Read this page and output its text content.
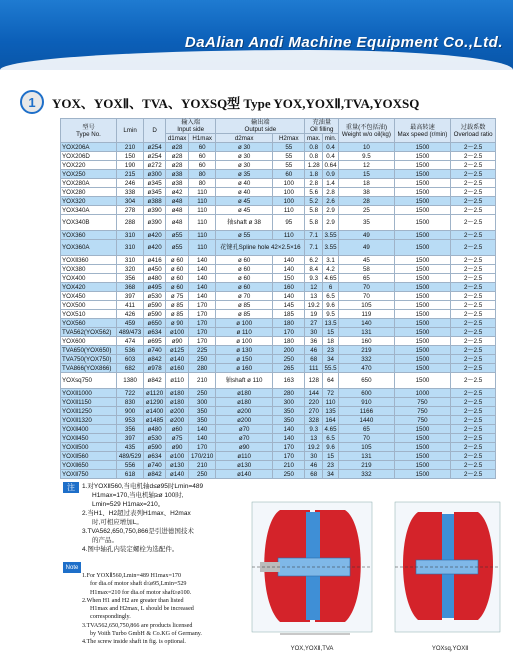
DaAlian Andi Machine Equipment Co.,Ltd.
1	YOX、YOXⅡ、TVA、YOXSQ型 Type YOX,YOXⅡ,TVA,YOXSQ
型号
Type No.	Lmin	D	输入端
Input side		输出端
Output side		充油量
Oil filling		重量(不包括油)
Weight w/o oil(kg)	最高转速
Max speed (r/min)	过载系数
Overload ratio
			d1max	H1max	d2max	H2max	max.	min.			
YOX206A	210	ø254	ø28	60	ø 30	55	0.8	0.4	10	1500	2～2.5
YOX206D	150	ø254	ø28	60	ø 30	55	0.8	0.4	9.5	1500	2～2.5
YOX220	190	ø272	ø28	60	ø 30	55	1.28	0.64	12	1500	2～2.5
YOX250	215	ø300	ø38	80	ø 35	60	1.8	0.9	15	1500	2～2.5
YOX280A	246	ø345	ø38	80	ø 40	100	2.8	1.4	18	1500	2～2.5
YOX280	338	ø345	ø42	110	ø 40	100	5.6	2.8	38	1500	2～2.5
YOX320	304	ø388	ø48	110	ø 45	100	5.2	2.6	28	1500	2～2.5
YOX340A	278	ø390	ø48	110	ø 45	110	5.8	2.9	25	1500	2～2.5
YOX340B	288	ø390	ø48	110	轴shaft ø 38	95	5.8	2.9	35	1500	2～2.5
YOX360	310	ø420	ø55	110	ø 55	110	7.1	3.55	49	1500	2～2.5
YOX360A	310	ø420	ø55	110	花键孔Spline hole 42×2.5×16		7.1	3.55	49	1500	2～2.5
YOXⅡ360	310	ø416	ø 60	140	ø 60	140	6.2	3.1	45	1500	2～2.5
YOX380	320	ø450	ø 60	140	ø 60	140	8.4	4.2	58	1500	2～2.5
YOX400	356	ø480	ø 60	140	ø 60	150	9.3	4.65	65	1500	2～2.5
YOX420	368	ø495	ø 60	140	ø 60	160	12	6	70	1500	2～2.5
YOX450	397	ø530	ø 75	140	ø 70	140	13	6.5	70	1500	2～2.5
YOX500	411	ø590	ø 85	170	ø 85	145	19.2	9.6	105	1500	2～2.5
YOX510	426	ø590	ø 85	170	ø 85	185	19	9.5	119	1500	2～2.5
YOX560	459	ø650	ø 90	170	ø 100	180	27	13.5	140	1500	2～2.5
TVA562(YOX562)	489/473	ø634	ø100	170	ø 110	170	30	15	131	1500	2～2.5
YOX600	474	ø695	ø90	170	ø 100	180	36	18	160	1500	2～2.5
TVA650(YOX650)	536	ø740	ø125	225	ø 130	200	46	23	219	1500	2～2.5
TVA750(YOX750)	603	ø842	ø140	250	ø 150	250	68	34	332	1500	2～2.5
TVA866(YOX866)	682	ø978	ø160	280	ø 160	265	111	55.5	470	1500	2～2.5
YOXsq750	1380	ø842	ø110	210	轴shaft ø 110	163	128	64	650	1500	2～2.5
YOXⅡ1000	722	ø1120	ø180	250	ø180	280	144	72	600	1000	2～2.5
YOXⅡ1150	830	ø1290	ø180	300	ø180	300	220	110	910	750	2～2.5
YOXⅡ1250	900	ø1400	ø200	350	ø200	350	270	135	1166	750	2～2.5
YOXⅡ1320	953	ø1485	ø200	350	ø200	350	328	164	1440	750	2～2.5
YOXⅡ400	356	ø480	ø60	140	ø70	140	9.3	4.65	65	1500	2～2.5
YOXⅡ450	397	ø530	ø75	140	ø70	140	13	6.5	70	1500	2～2.5
YOXⅡ500	435	ø590	ø90	170	ø90	170	19.2	9.6	105	1500	2～2.5
YOXⅡ560	489/529	ø634	ø100	170/210	ø110	170	30	15	131	1500	2～2.5
YOXⅡ650	556	ø740	ø130	210	ø130	210	46	23	219	1500	2～2.5
YOXⅡ750	618	ø842	ø140	250	ø140	250	68	34	332	1500	2～2.5
注	1.对YOXⅡ560,当电机轴d≤ø95时Lmin=489
H1max=170,当电机轴≥ø 100时,
Lmin=529 H1max=210。
2.当H1、H2超过表列H1max、H2max
时,可相应增加L。
3.TVA562,650,750,866是引进德国技术
的产品。
4.图中轴孔内装定螺栓为选配件。
Note
1.For YOXⅡ560,Lmin=489 H1max=170
for dia.of motor shaft d≤ø95,Lmin=529
H1max=210 for dia.of motor shaft≥ø100.
2.When H1 and H2 are greater than listed
H1max and H2max, L should be increased
correspondingly.
3.TVA562,650,750,866 are products licensed
by Voith Turbo GmbH & Co.KG of Germany.
4.The screw inside shaft in fig. is optional.
YOX,YOXⅡ,TVA	YOXsq,YOXⅡ
